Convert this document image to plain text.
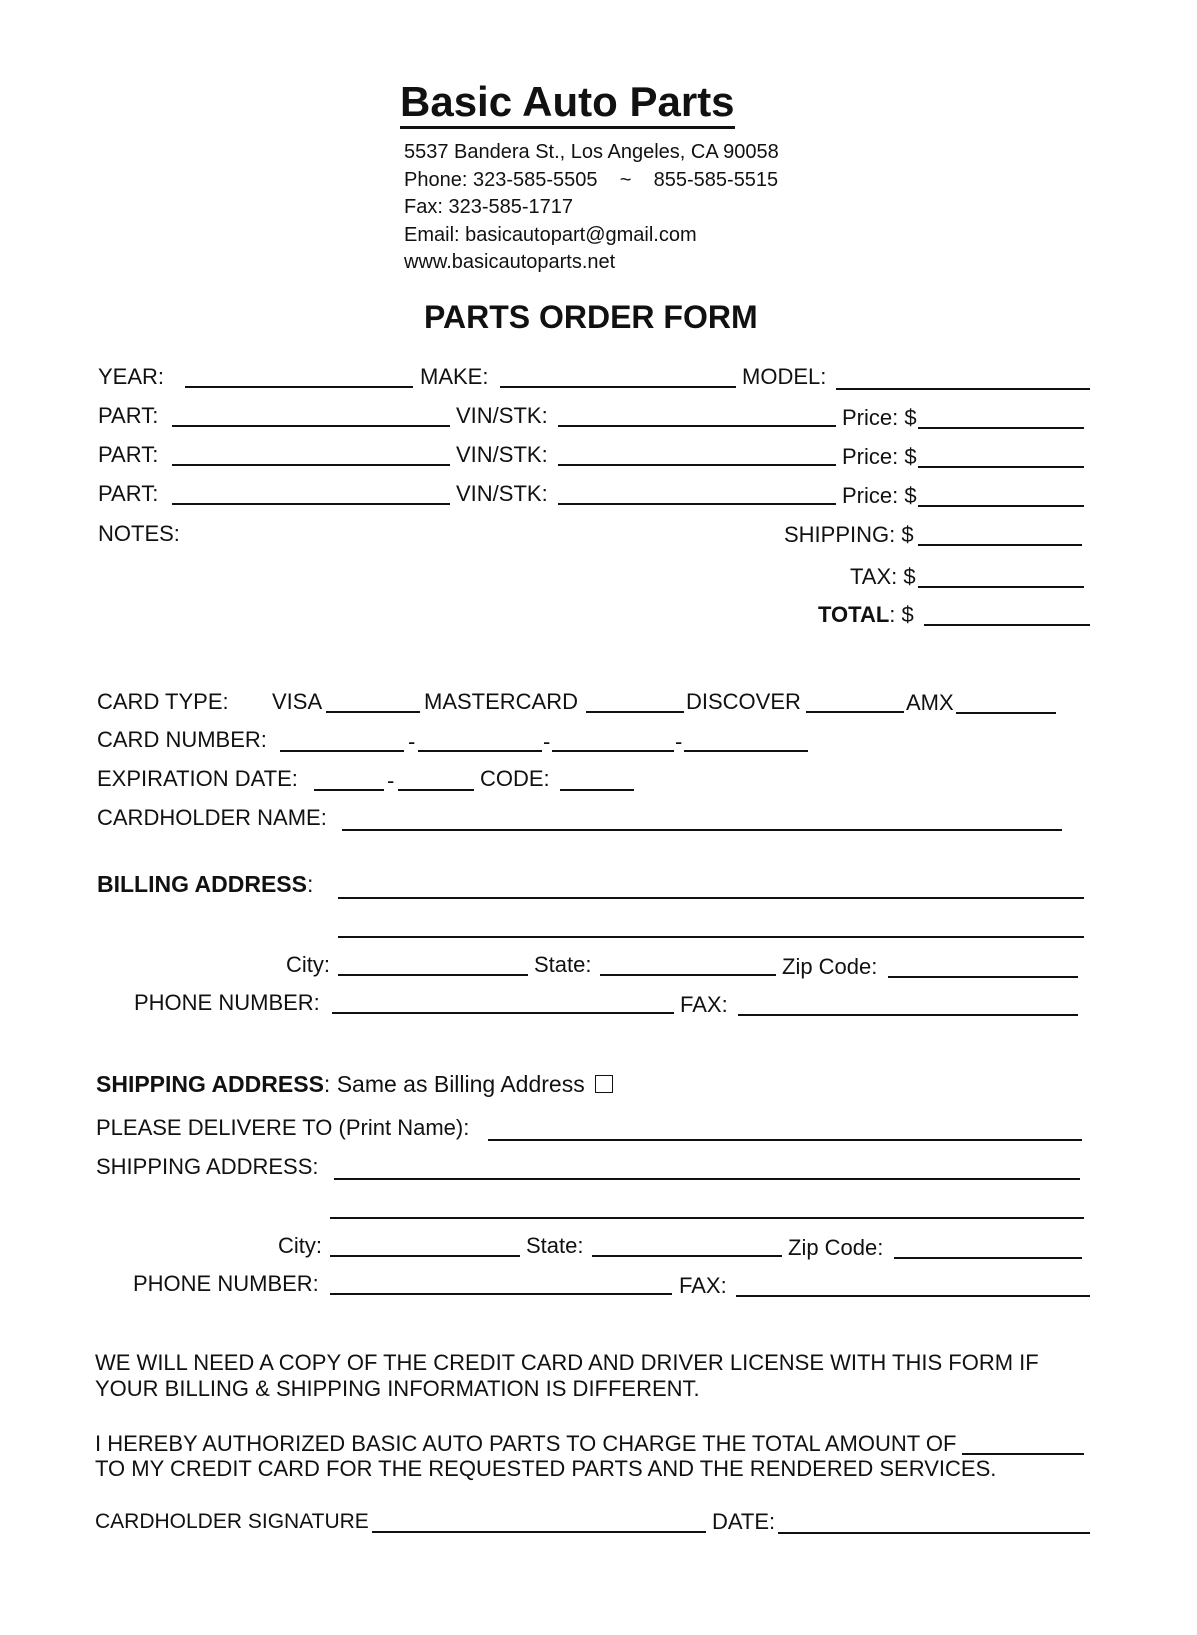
Basic Auto Parts
5537 Bandera St., Los Angeles, CA 90058
Phone: 323-585-5505    ~    855-585-5515
Fax: 323-585-1717
Email: basicautopart@gmail.com
www.basicautoparts.net
PARTS ORDER FORM
YEAR:	MAKE:	MODEL:
PART:	VIN/STK:	Price: $
PART:	VIN/STK:	Price: $
PART:	VIN/STK:	Price: $
NOTES:	SHIPPING: $
TAX: $
TOTAL: $
CARD TYPE: VISA	MASTERCARD	DISCOVER	AMX
CARD NUMBER:	-	-	-
EXPIRATION DATE:	-	CODE:
CARDHOLDER NAME:
BILLING ADDRESS:
City:	State:	Zip Code:
PHONE NUMBER:	FAX:
SHIPPING ADDRESS: Same as Billing Address
PLEASE DELIVERE TO (Print Name):
SHIPPING ADDRESS:
City:	State:	Zip Code:
PHONE NUMBER:	FAX:
WE WILL NEED A COPY OF THE CREDIT CARD AND DRIVER LICENSE WITH THIS FORM IF
YOUR BILLING & SHIPPING INFORMATION IS DIFFERENT.
I HEREBY AUTHORIZED BASIC AUTO PARTS TO CHARGE THE TOTAL AMOUNT OF
TO MY CREDIT CARD FOR THE REQUESTED PARTS AND THE RENDERED SERVICES.
CARDHOLDER SIGNATURE	DATE:
